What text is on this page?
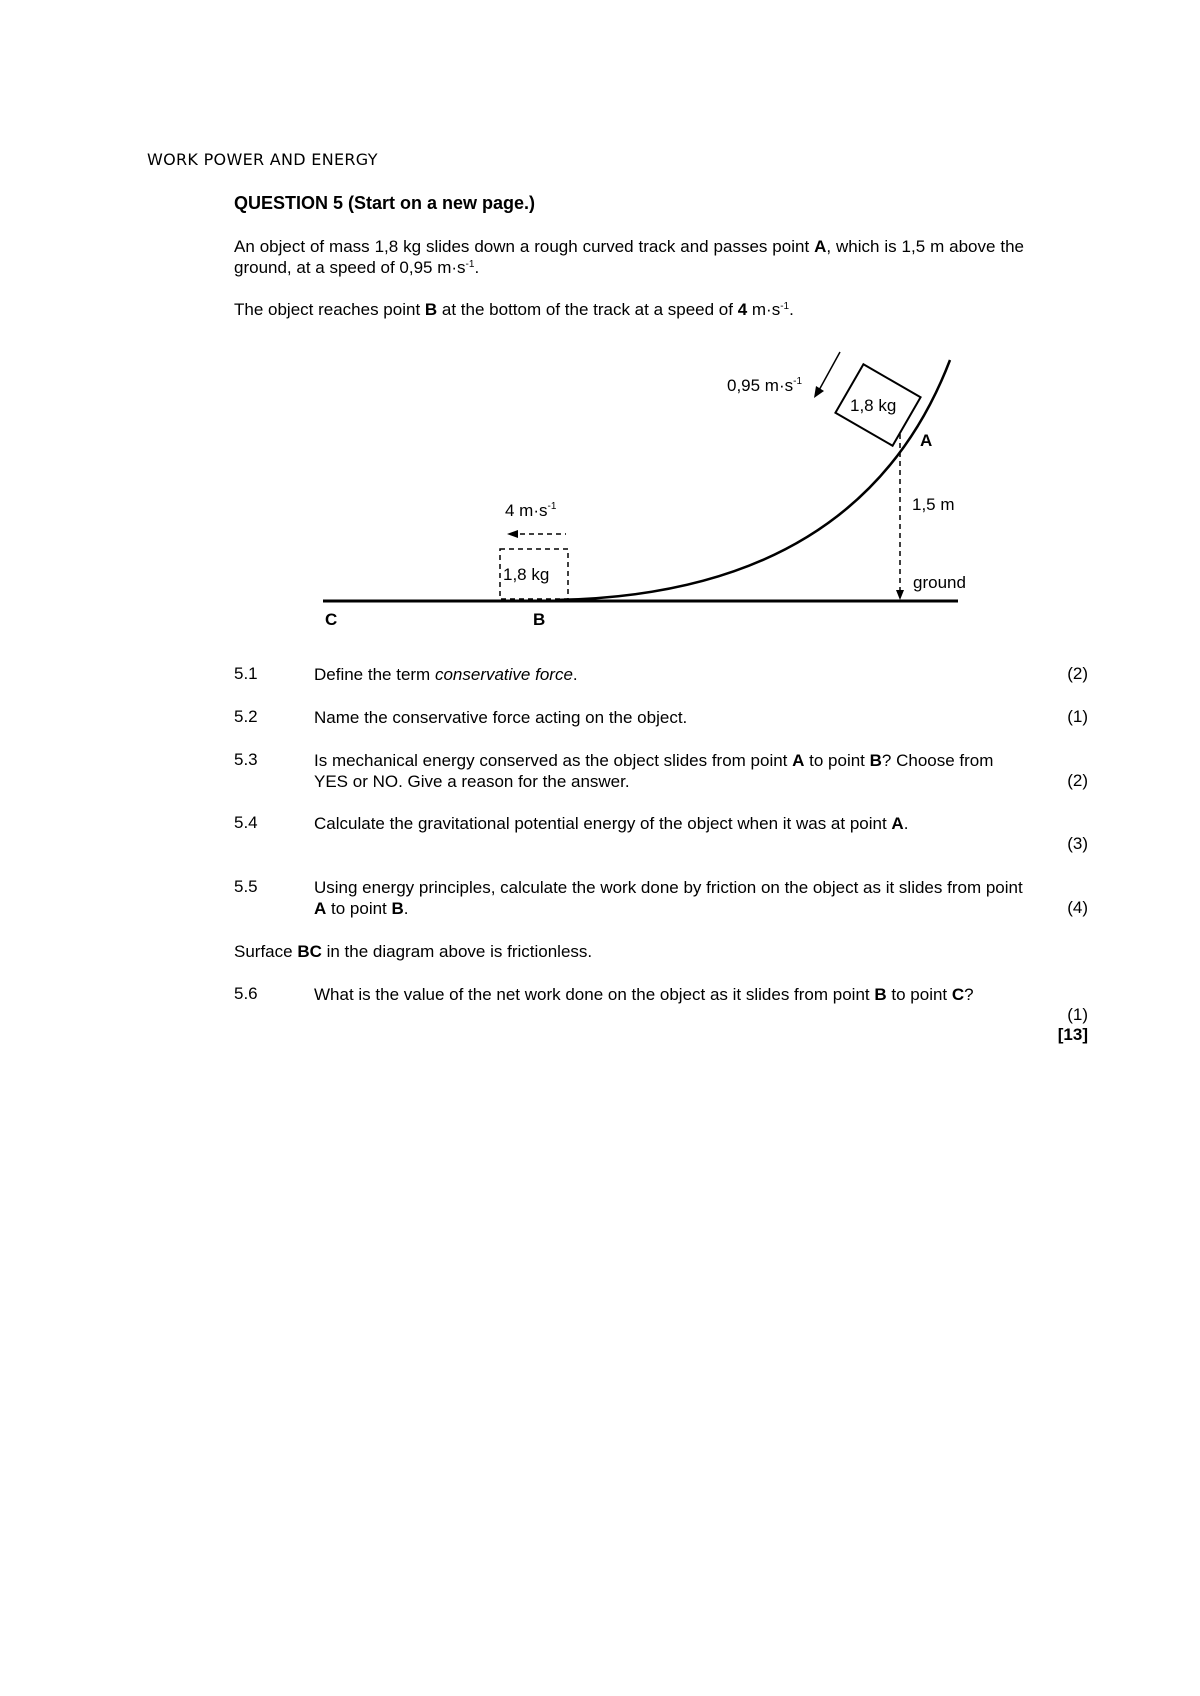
WORK POWER AND ENERGY
QUESTION 5 (Start on a new page.)
An object of mass 1,8 kg slides down a rough curved track and passes point A, which is 1,5 m above the ground, at a speed of 0,95 $m\cdot s^{-1}$.
The object reaches point B at the bottom of the track at a speed of 4 $m\cdot s^{-1}$.
1,8 kg
0,95 $m\cdot s^{-1}$
A
1,5 m
ground
1,8 kg
4 $m\cdot s^{-1}$
C	B
5.1	Define the term conservative force.	(2)
5.2	Name the conservative force acting on the object.	(1)
5.3	Is mechanical energy conserved as the object slides from point A to point B? Choose from YES or NO. Give a reason for the answer.	(2)
5.4	Calculate the gravitational potential energy of the object when it was at point A.
(3)
5.5	Using energy principles, calculate the work done by friction on the object as it slides from point A to point B.	(4)
Surface BC in the diagram above is frictionless.
5.6	What is the value of the net work done on the object as it slides from point B to point C?
(1)
[13]
